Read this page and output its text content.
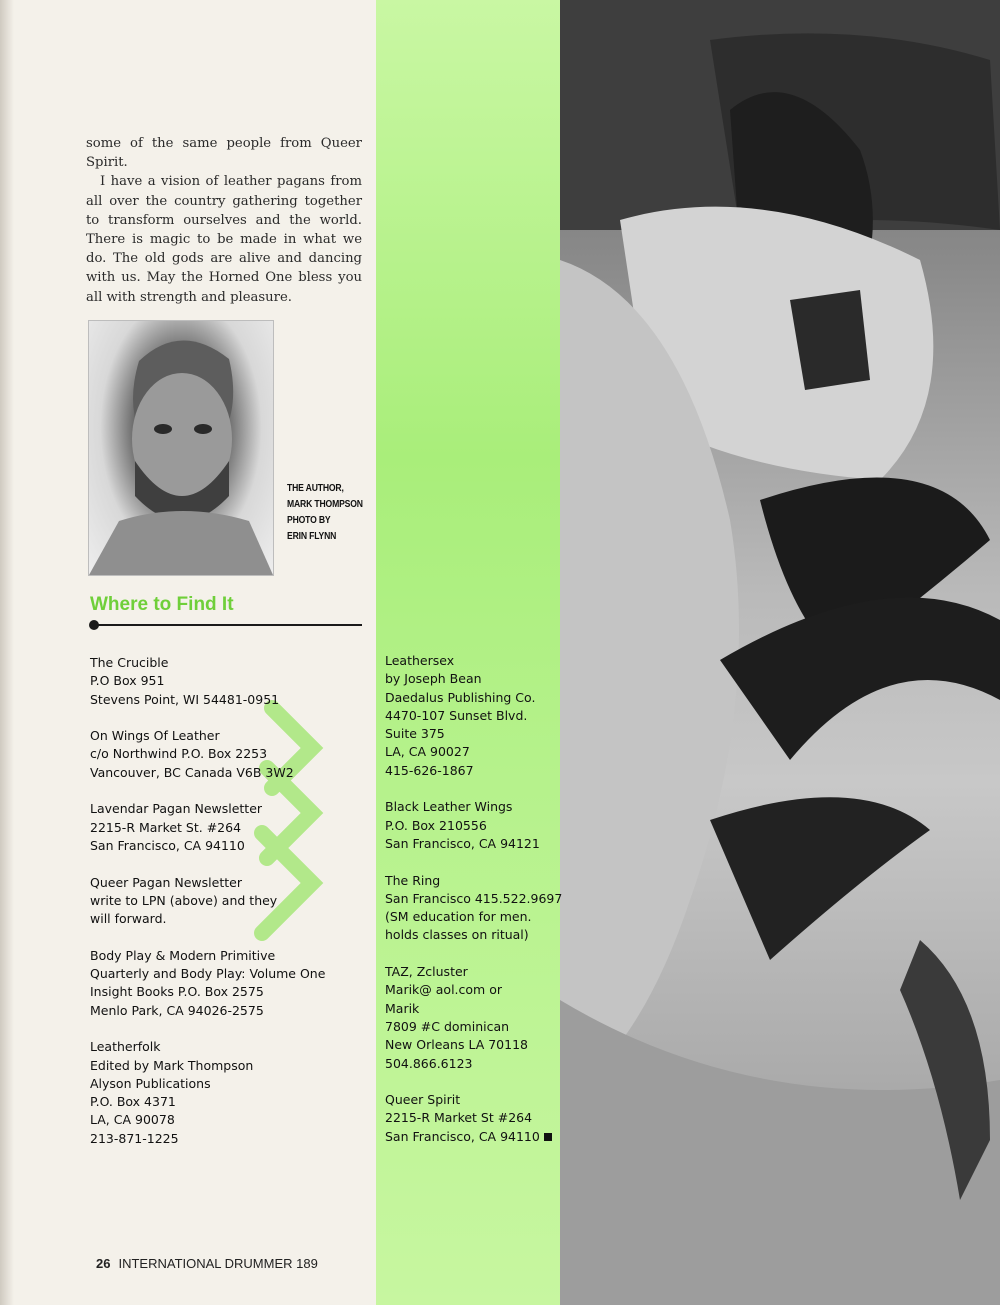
some of the same people from Queer Spirit.

I have a vision of leather pagans from all over the country gathering together to transform ourselves and the world. There is magic to be made in what we do. The old gods are alive and dancing with us. May the Horned One bless you all with strength and pleasure.

THE AUTHOR,
MARK THOMPSON
PHOTO BY
ERIN FLYNN
Where to Find It
The Crucible
P.O Box 951
Stevens Point, WI 54481-0951
On Wings Of Leather
c/o Northwind P.O. Box 2253
Vancouver, BC Canada V6B 3W2
Lavendar Pagan Newsletter
2215-R Market St. #264
San Francisco, CA 94110
Queer Pagan Newsletter
write to LPN (above) and they
will forward.
Body Play & Modern Primitive
Quarterly and Body Play: Volume One
Insight Books P.O. Box 2575
Menlo Park, CA 94026-2575
Leatherfolk
Edited by Mark Thompson
Alyson Publications
P.O. Box 4371
LA, CA 90078
213-871-1225
Leathersex
by Joseph Bean
Daedalus Publishing Co.
4470-107 Sunset Blvd.
Suite 375
LA, CA 90027
415-626-1867
Black Leather Wings
P.O. Box 210556
San Francisco, CA 94121
The Ring
San Francisco 415.522.9697
(SM education for men.
holds classes on ritual)
TAZ, Zcluster
Marik@ aol.com or
Marik
7809 #C dominican
New Orleans LA 70118
504.866.6123
Queer Spirit
2215-R Market St #264
San Francisco, CA 94110
26 INTERNATIONAL DRUMMER 189
